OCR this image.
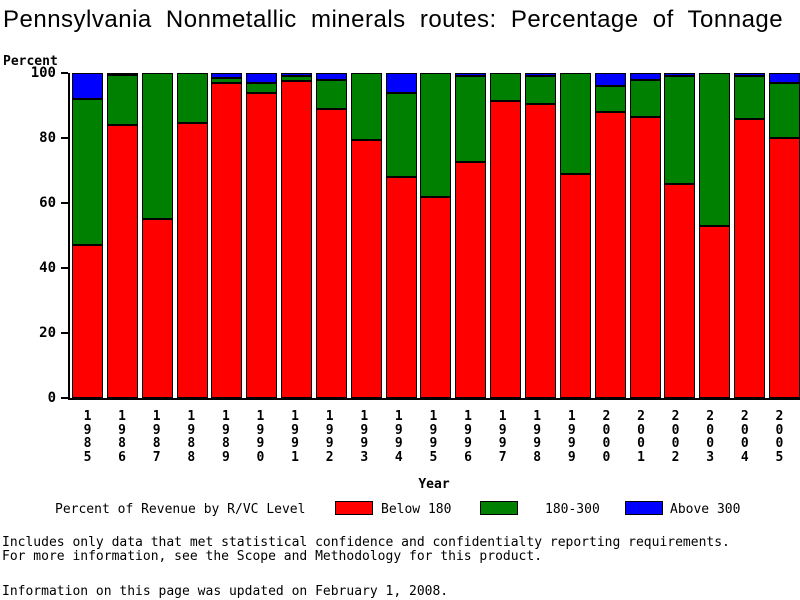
Pennsylvania Nonmetallic minerals routes: Percentage of Tonnage
Percent
0
20
40
60
80
100
1985
1986
1987
1988
1989
1990
1991
1992
1993
1994
1995
1996
1997
1998
1999
2000
2001
2002
2003
2004
2005
Year
Percent of Revenue by R/VC Level	Below 180	180-300	Above 300
Includes only data that met statistical confidence and confidentialty reporting requirements.
For more information, see the Scope and Methodology for this product.
Information on this page was updated on February 1, 2008.
